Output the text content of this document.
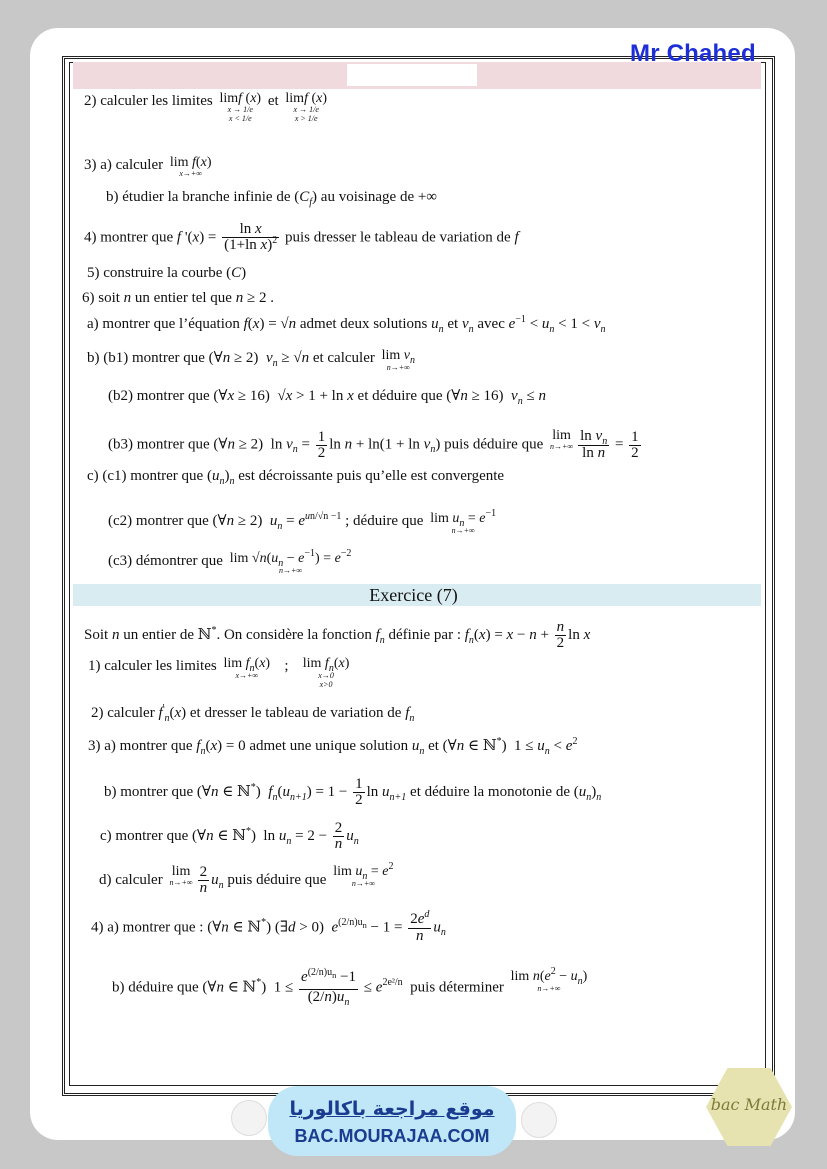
Mr Chahed
2) calculer les limites limf (x)
x → 1/e
x < 1/e
et limf (x)
x → 1/e
x > 1/e
3) a) calculer lim f(x)
x→+∞
b) étudier la branche infinie de $(C_f)$ au voisinage de +∞
4) montrer que f '$(x) = \frac{\text{ln x}}{(1+\ln x)^2}$ puis dresser le tableau de variation de f
5) construire la courbe (C)
6) soit n un entier tel que n ≥ 2 .
a) montrer que l’équation f(x) = √n admet deux solutions $u_n$ et $v_n$ avec $e^{-1} < u_n < 1 < v_n$
b) (b1) montrer que (∀n ≥ 2)  $v_n \ge √n$ et calculer $\lim v_n$
n→+∞
(b2) montrer que (∀x ≥ 16)  √x > 1 + ln x et déduire que (∀n ≥ 16)  $v_n \le n$
(b3) montrer que (∀n ≥ 2)  $\ln v_n = \frac{1}{2}$ $\ln n + \ln(1 + \ln v_n)$ puis déduire que
lim
$n\to+\infty \frac{\ln v_n}{\text{ln n}} = \frac{1}{2}$
c) (c1) montrer que $(u_n)_n$ est décroissante puis qu’elle est convergente
(c2) montrer que (∀n ≥ 2)  $u_n = e^{un/√n -1}$ ; déduire que $\lim u_n = e^{-1}$
n→+∞
(c3) démontrer que $\lim √n(u_n - e^{-1}) = e^{-2}$
n→+∞
Exercice (7)
Soit n un entier de ℕ*. On considère la fonction $f_n$ définie par : $f_n(x) = x - n + \frac{n}{2}$ ln x
1) calculer les limites $\lim f_n(x)$
x→+∞
; $\lim f_n(x)$
x→0
x>0
2) calculer $f'_n(x)$ et dresser le tableau de variation de $f_n$
3) a) montrer que $f_n(x) = 0$ admet une unique solution $u_n$ et (∀n ∈ ℕ*)  $1 \le u_n < e^2$
b) montrer que (∀n ∈ ℕ*)  $f_n(u_{n+1}) = 1 - \frac{1}{2}$ $\ln u_{n+1}$ et déduire la monotonie de $(u_n)_n$
c) montrer que (∀n ∈ ℕ*)  $\ln u_n = 2 - \frac{2}{n} u_n$
d) calculer
lim
$n\to+\infty \frac{2}{n} u_n$ puis déduire que
$\lim u_n = e^2$
n→+∞
4) a) montrer que : (∀n ∈ ℕ*) (∃d > 0)  $e^{(2/n)u_n} - 1 = \frac{2e^d}{n} u_n$
b) déduire que (∀n ∈ ℕ*)  $1 \le \frac{e^{(2/n)u_n} -1}{(2/n)u_n} \le e^{2e^2/n}$ puis déterminer
$\lim n(e^2 - u_n)$
n→+∞
موقع مراجعة باكالوريا
BAC.MOURAJAA.COM
bac Math
